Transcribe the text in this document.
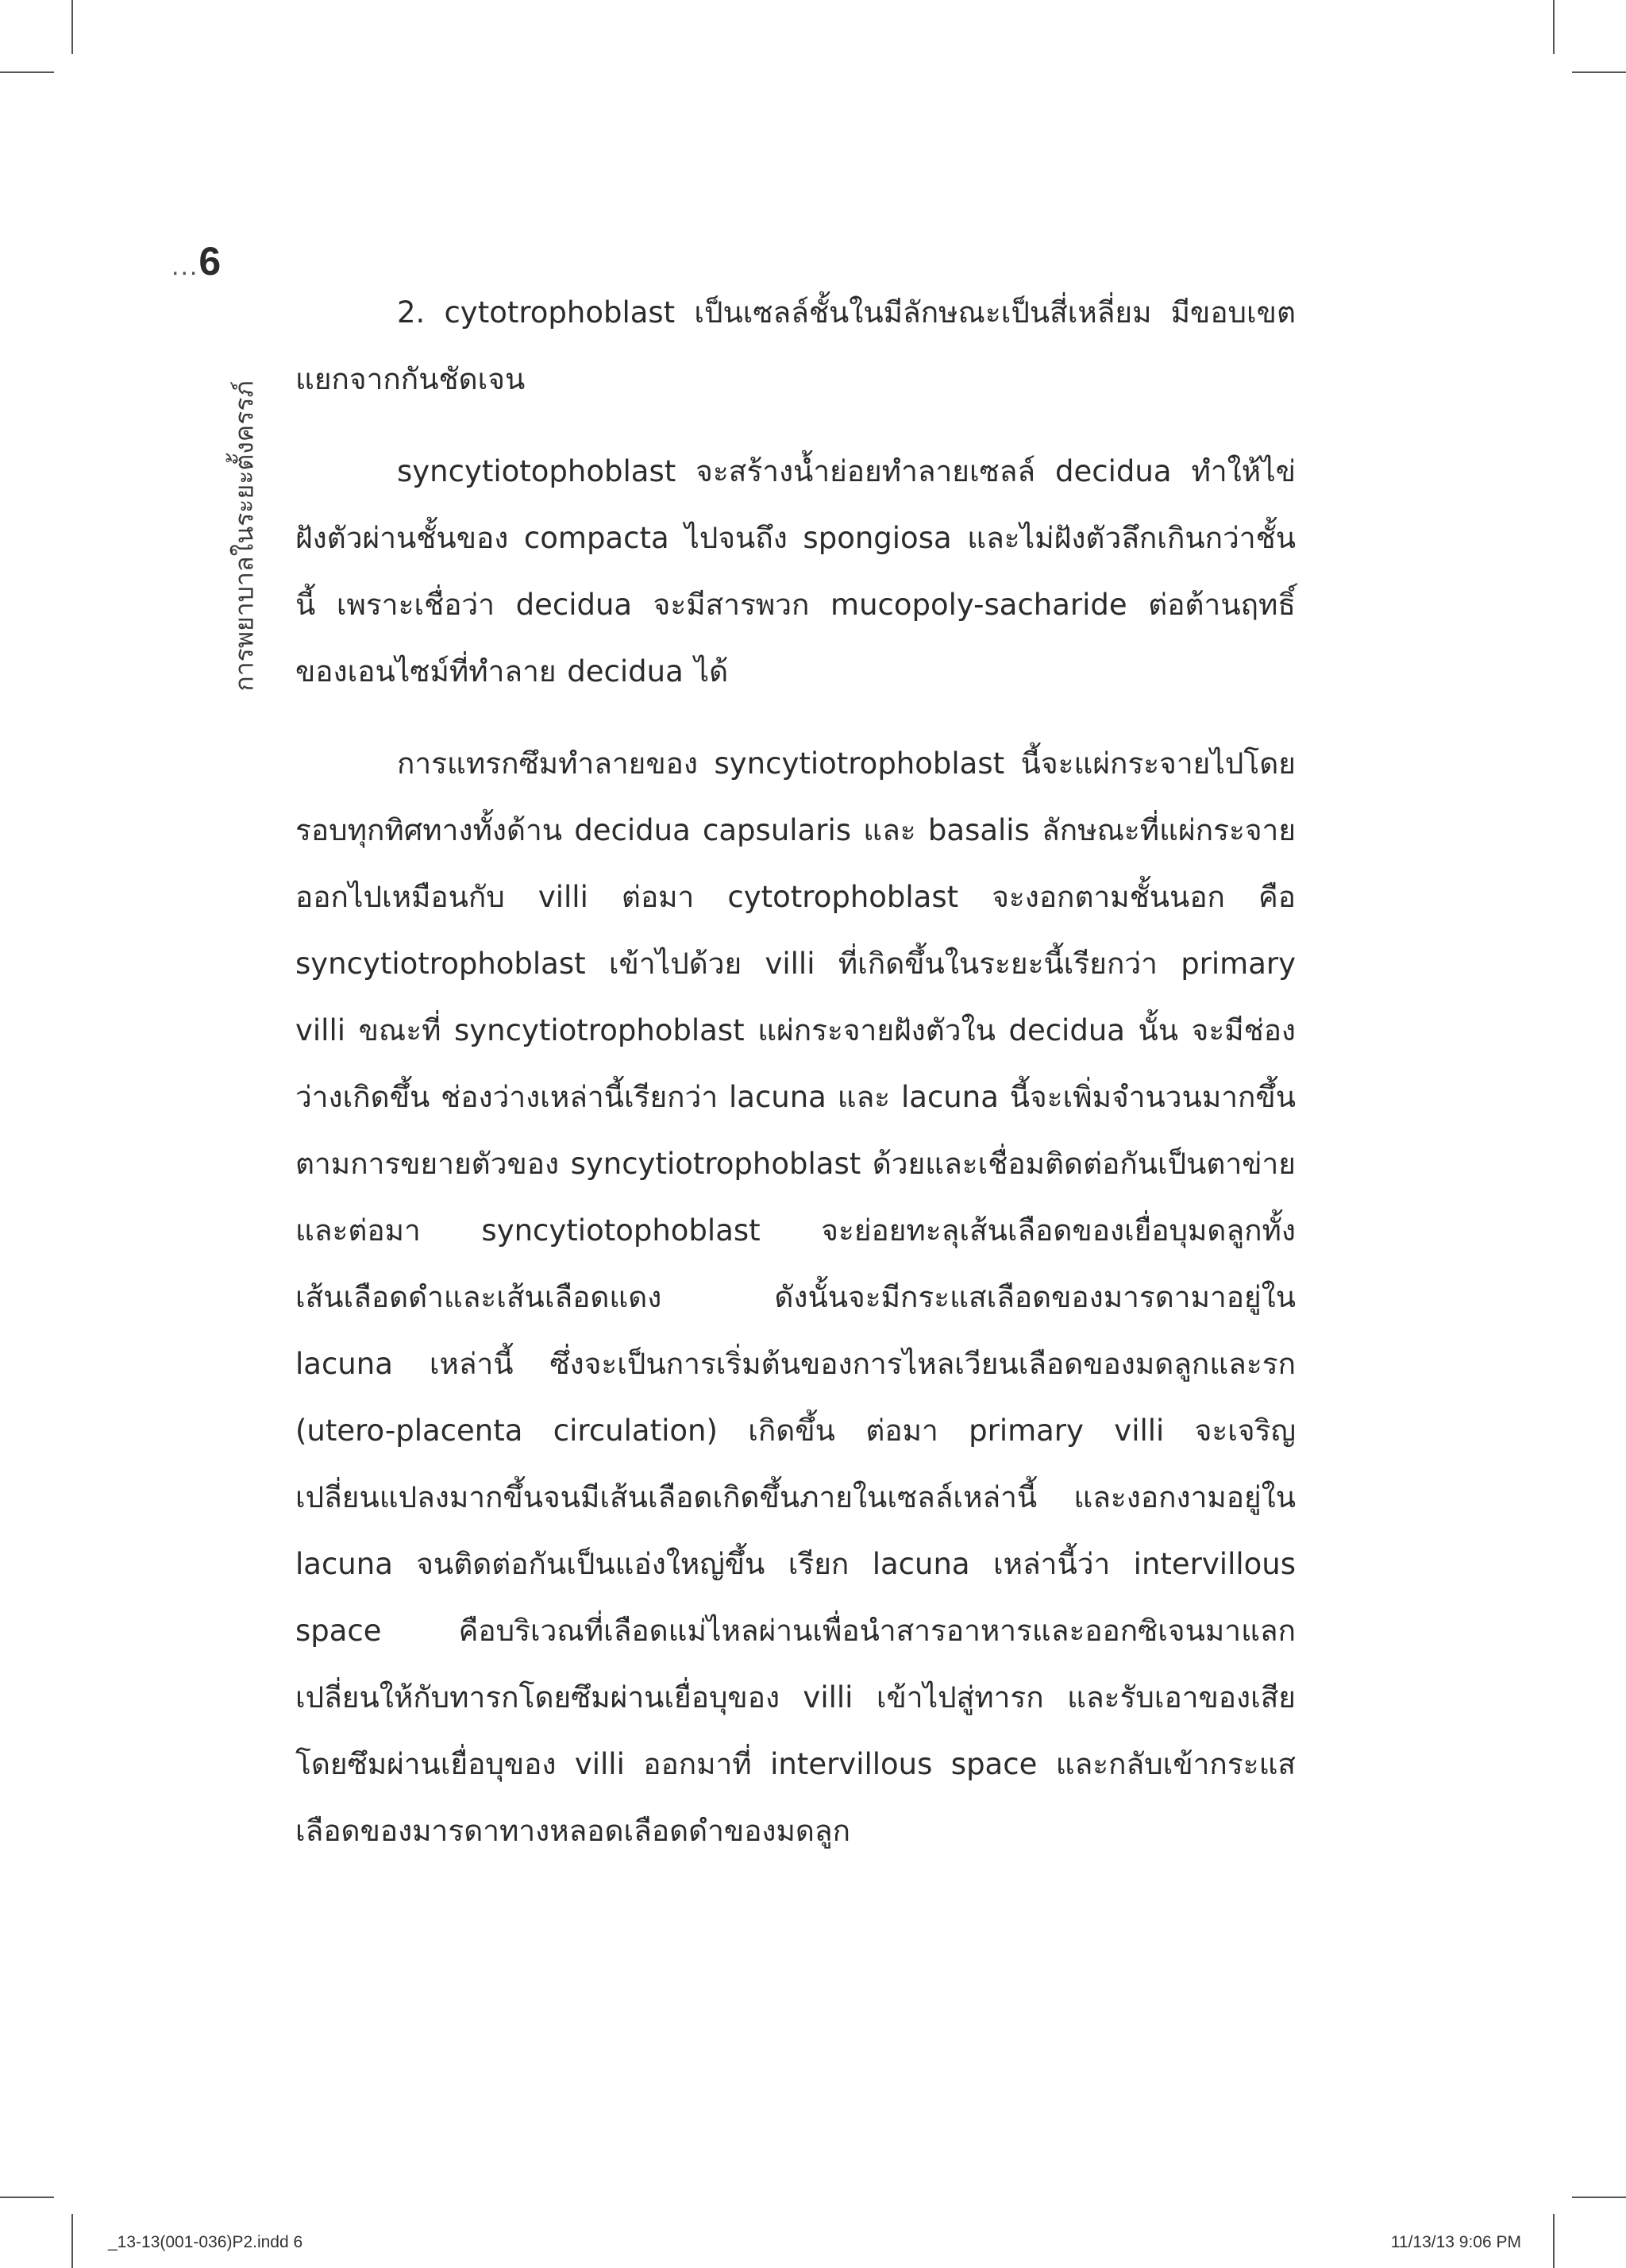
...6
การพยาบาลในระยะตั้งครรภ์

2. cytotrophoblast เป็นเซลล์ชั้นในมีลักษณะเป็นสี่เหลี่ยม มีขอบเขตแยกจากกันชัดเจน

syncytiotophoblast จะสร้างน้ำย่อยทำลายเซลล์ decidua ทำให้ไข่ฝังตัวผ่านชั้นของ compacta ไปจนถึง spongiosa และไม่ฝังตัวลึกเกินกว่าชั้นนี้ เพราะเชื่อว่า decidua จะมีสารพวก mucopoly-sacharide ต่อต้านฤทธิ์ของเอนไซม์ที่ทำลาย decidua ได้

การแทรกซึมทำลายของ syncytiotrophoblast นี้จะแผ่กระจายไปโดยรอบทุกทิศทางทั้งด้าน decidua capsularis และ basalis ลักษณะที่แผ่กระจายออกไปเหมือนกับ villi ต่อมา cytotrophoblast จะงอกตามชั้นนอก คือ syncytiotrophoblast เข้าไปด้วย villi ที่เกิดขึ้นในระยะนี้เรียกว่า primary villi ขณะที่ syncytiotrophoblast แผ่กระจายฝังตัวใน decidua นั้น จะมีช่องว่างเกิดขึ้น ช่องว่างเหล่านี้เรียกว่า lacuna และ lacuna นี้จะเพิ่มจำนวนมากขึ้นตามการขยายตัวของ syncytiotrophoblast ด้วยและเชื่อมติดต่อกันเป็นตาข่าย และต่อมา syncytiotophoblast จะย่อยทะลุเส้นเลือดของเยื่อบุมดลูกทั้งเส้นเลือดดำและเส้นเลือดแดง ดังนั้นจะมีกระแสเลือดของมารดามาอยู่ใน lacuna เหล่านี้ ซึ่งจะเป็นการเริ่มต้นของการไหลเวียนเลือดของมดลูกและรก (utero-placenta circulation) เกิดขึ้น ต่อมา primary villi จะเจริญเปลี่ยนแปลงมากขึ้นจนมีเส้นเลือดเกิดขึ้นภายในเซลล์เหล่านี้ และงอกงามอยู่ใน lacuna จนติดต่อกันเป็นแอ่งใหญ่ขึ้น เรียก lacuna เหล่านี้ว่า intervillous space คือบริเวณที่เลือดแม่ไหลผ่านเพื่อนำสารอาหารและออกซิเจนมาแลกเปลี่ยนให้กับทารกโดยซึมผ่านเยื่อบุของ villi เข้าไปสู่ทารก และรับเอาของเสียโดยซึมผ่านเยื่อบุของ villi ออกมาที่ intervillous space และกลับเข้ากระแสเลือดของมารดาทางหลอดเลือดดำของมดลูก

_13-13(001-036)P2.indd 6	11/13/13 9:06 PM
